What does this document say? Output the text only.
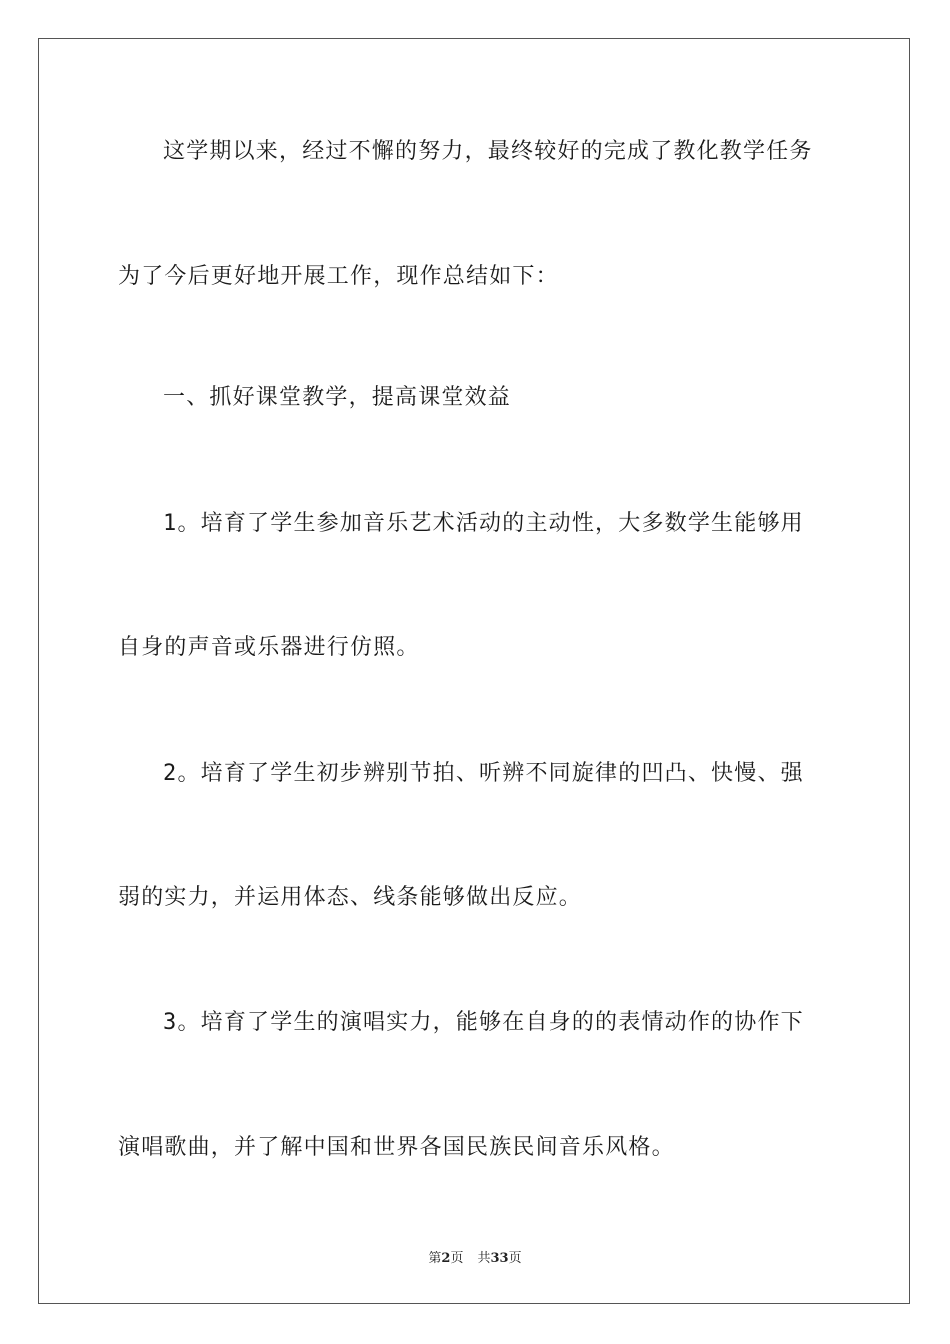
这学期以来，经过不懈的努力，最终较好的完成了教化教学任务
为了今后更好地开展工作，现作总结如下：
一、抓好课堂教学，提高课堂效益
1。培育了学生参加音乐艺术活动的主动性，大多数学生能够用
自身的声音或乐器进行仿照。
2。培育了学生初步辨别节拍、听辨不同旋律的凹凸、快慢、强
弱的实力，并运用体态、线条能够做出反应。
3。培育了学生的演唱实力，能够在自身的的表情动作的协作下
演唱歌曲，并了解中国和世界各国民族民间音乐风格。
第2页 共33页
